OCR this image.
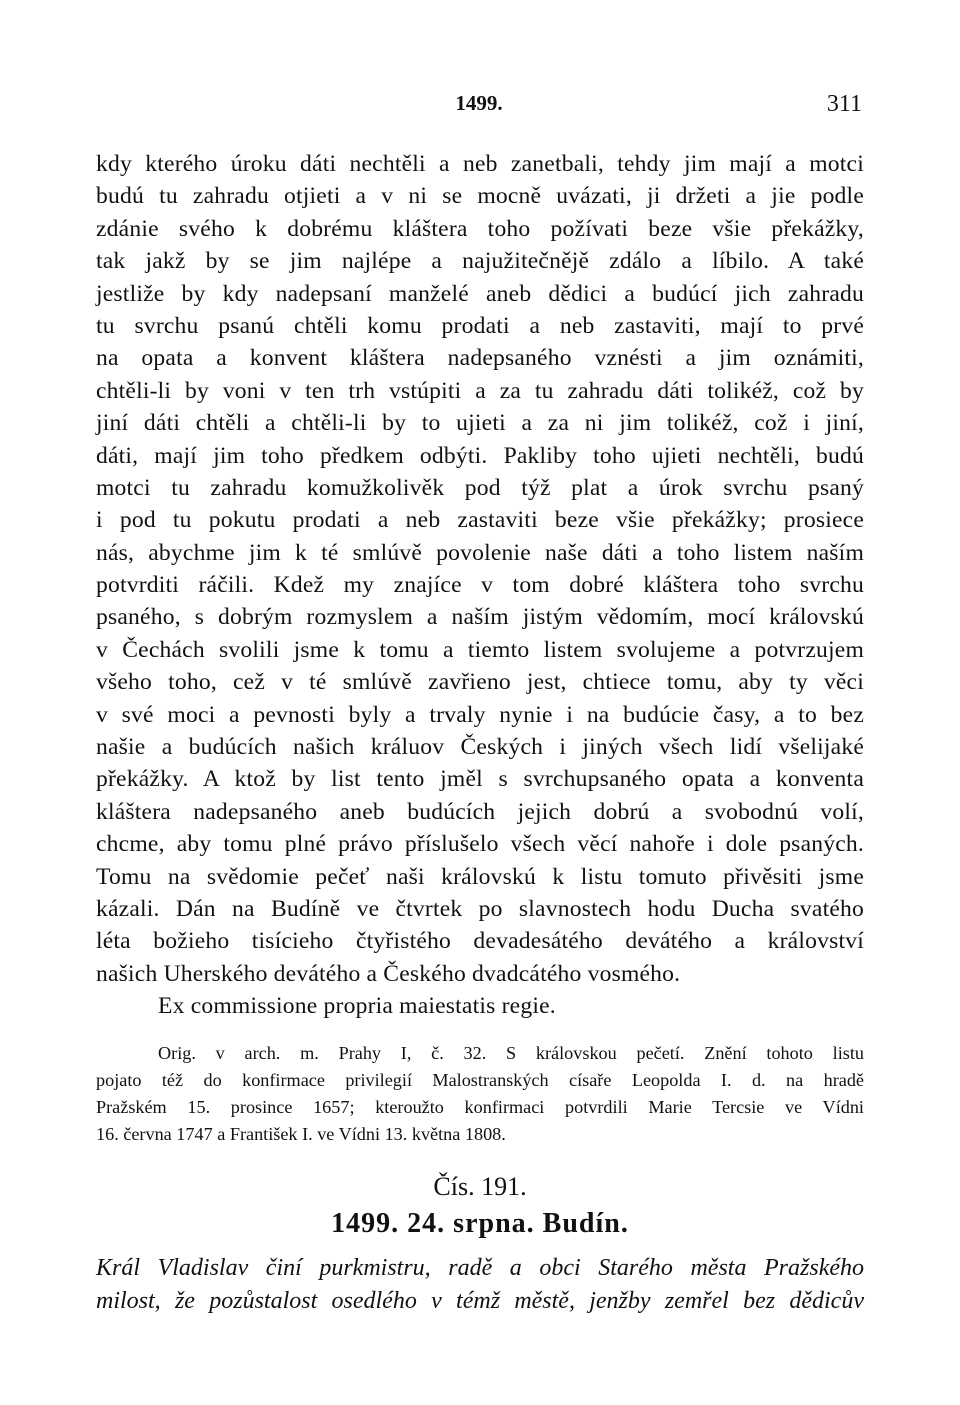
1499.	311
kdy kterého úroku dáti nechtěli a neb zanetbali, tehdy jim mají a motci
budú tu zahradu otjieti a v ni se mocně uvázati, ji držeti a jie podle
zdánie svého k dobrému kláštera toho požívati beze všie překážky,
tak jakž by se jim najlépe a najužitečnějě zdálo a líbilo. A také
jestliže by kdy nadepsaní manželé aneb dědici a budúcí jich zahradu
tu svrchu psanú chtěli komu prodati a neb zastaviti, mají to prvé
na opata a konvent kláštera nadepsaného vznésti a jim oznámiti,
chtěli-li by voni v ten trh vstúpiti a za tu zahradu dáti tolikéž, což by
jiní dáti chtěli a chtěli-li by to ujieti a za ni jim tolikéž, což i jiní,
dáti, mají jim toho předkem odbýti. Pakliby toho ujieti nechtěli, budú
motci tu zahradu komužkolivěk pod týž plat a úrok svrchu psaný
i pod tu pokutu prodati a neb zastaviti beze všie překážky; prosiece
nás, abychme jim k té smlúvě povolenie naše dáti a toho listem naším
potvrditi ráčili. Kdež my znajíce v tom dobré kláštera toho svrchu
psaného, s dobrým rozmyslem a naším jistým vědomím, mocí královskú
v Čechách svolili jsme k tomu a tiemto listem svolujeme a potvrzujem
všeho toho, cež v té smlúvě zavřieno jest, chtiece tomu, aby ty věci
v své moci a pevnosti byly a trvaly nynie i na budúcie časy, a to bez
našie a budúcích našich králuov Českých i jiných všech lidí všelijaké
překážky. A ktož by list tento jměl s svrchupsaného opata a konventa
kláštera nadepsaného aneb budúcích jejich dobrú a svobodnú volí,
chcme, aby tomu plné právo příslušelo všech věcí nahoře i dole psaných.
Tomu na svědomie pečeť naši královskú k listu tomuto přivěsiti jsme
kázali. Dán na Budíně ve čtvrtek po slavnostech hodu Ducha svatého
léta božieho tisícieho čtyřistého devadesátého devátého a království
našich Uherského devátého a Českého dvadcátého vosmého.
Ex commissione propria maiestatis regie.
Orig. v arch. m. Prahy I, č. 32. S královskou pečetí. Znění tohoto listu
pojato též do konfirmace privilegií Malostranských císaře Leopolda I. d. na hradě
Pražském 15. prosince 1657; kteroužto konfirmaci potvrdili Marie Tercsie ve Vídni
16. června 1747 a František I. ve Vídni 13. května 1808.
Čís. 191.
1499. 24. srpna. Budín.
Král Vladislav činí purkmistru, radě a obci Starého města Pražského
milost, že pozůstalost osedlého v témž městě, jenžby zemřel bez dědicův
